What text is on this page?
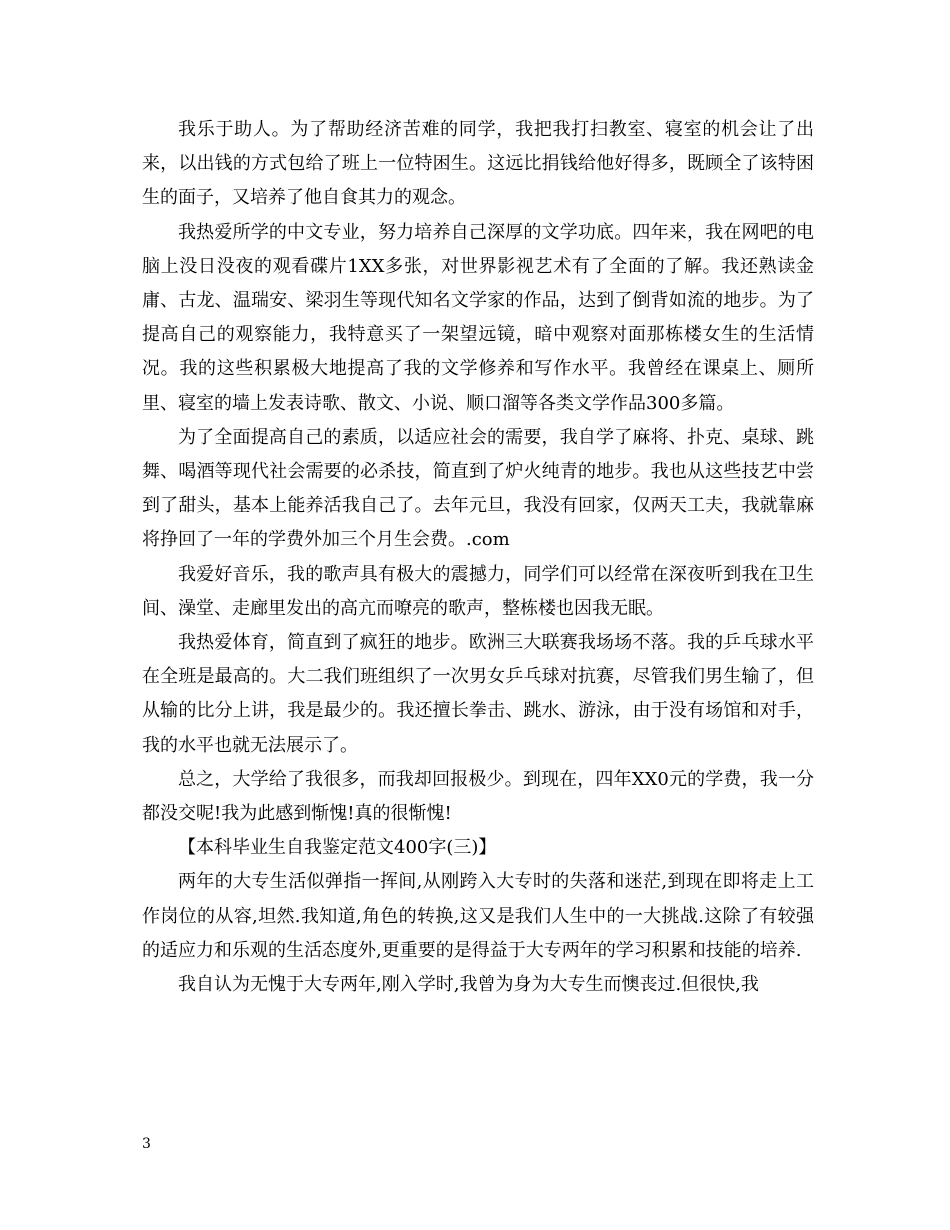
我乐于助人。为了帮助经济苦难的同学，我把我打扫教室、寝室的机会让了出来，以出钱的方式包给了班上一位特困生。这远比捐钱给他好得多，既顾全了该特困生的面子，又培养了他自食其力的观念。

我热爱所学的中文专业，努力培养自己深厚的文学功底。四年来，我在网吧的电脑上没日没夜的观看碟片1XX多张，对世界影视艺术有了全面的了解。我还熟读金庸、古龙、温瑞安、梁羽生等现代知名文学家的作品，达到了倒背如流的地步。为了提高自己的观察能力，我特意买了一架望远镜，暗中观察对面那栋楼女生的生活情况。我的这些积累极大地提高了我的文学修养和写作水平。我曾经在课桌上、厕所里、寝室的墙上发表诗歌、散文、小说、顺口溜等各类文学作品300多篇。

为了全面提高自己的素质，以适应社会的需要，我自学了麻将、扑克、桌球、跳舞、喝酒等现代社会需要的必杀技，简直到了炉火纯青的地步。我也从这些技艺中尝到了甜头，基本上能养活我自己了。去年元旦，我没有回家，仅两天工夫，我就靠麻将挣回了一年的学费外加三个月生会费。.com

我爱好音乐，我的歌声具有极大的震撼力，同学们可以经常在深夜听到我在卫生间、澡堂、走廊里发出的高亢而嘹亮的歌声，整栋楼也因我无眠。

我热爱体育，简直到了疯狂的地步。欧洲三大联赛我场场不落。我的乒乓球水平在全班是最高的。大二我们班组织了一次男女乒乓球对抗赛，尽管我们男生输了，但从输的比分上讲，我是最少的。我还擅长拳击、跳水、游泳，由于没有场馆和对手，我的水平也就无法展示了。

总之，大学给了我很多，而我却回报极少。到现在，四年XX0元的学费，我一分都没交呢!我为此感到惭愧!真的很惭愧!

【本科毕业生自我鉴定范文400字(三)】

两年的大专生活似弹指一挥间,从刚跨入大专时的失落和迷茫,到现在即将走上工作岗位的从容,坦然.我知道,角色的转换,这又是我们人生中的一大挑战.这除了有较强的适应力和乐观的生活态度外,更重要的是得益于大专两年的学习积累和技能的培养.

我自认为无愧于大专两年,刚入学时,我曾为身为大专生而懊丧过.但很快,我

3
